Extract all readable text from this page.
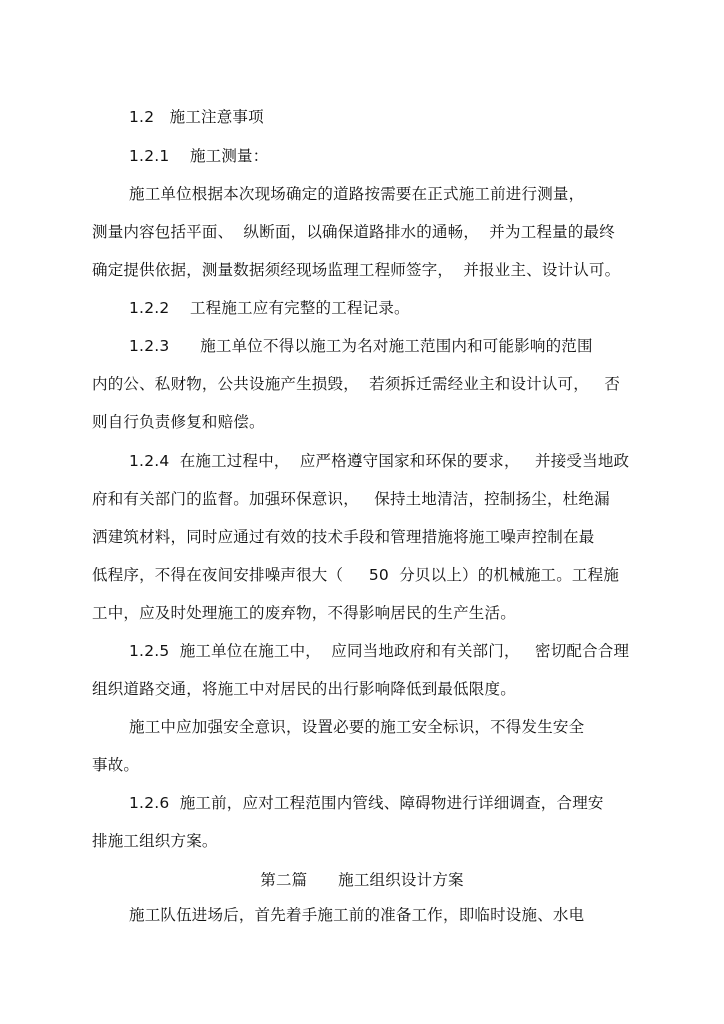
1.2   施工注意事项
1.2.1    施工测量：
施工单位根据本次现场确定的道路按需要在正式施工前进行测量，
测量内容包括平面、  纵断面，以确保道路排水的通畅，  并为工程量的最终
确定提供依据，测量数据须经现场监理工程师签字，  并报业主、设计认可。
1.2.2    工程施工应有完整的工程记录。
1.2.3      施工单位不得以施工为名对施工范围内和可能影响的范围
内的公、私财物，公共设施产生损毁，  若须拆迁需经业主和设计认可，   否
则自行负责修复和赔偿。
1.2.4  在施工过程中，  应严格遵守国家和环保的要求，   并接受当地政
府和有关部门的监督。加强环保意识，   保持土地清洁，控制扬尘，杜绝漏
洒建筑材料，同时应通过有效的技术手段和管理措施将施工噪声控制在最
低程序，不得在夜间安排噪声很大（     50  分贝以上）的机械施工。工程施
工中，应及时处理施工的废弃物，不得影响居民的生产生活。
1.2.5  施工单位在施工中，  应同当地政府和有关部门，   密切配合合理
组织道路交通，将施工中对居民的出行影响降低到最低限度。
施工中应加强安全意识，设置必要的施工安全标识，不得发生安全
事故。
1.2.6  施工前，应对工程范围内管线、障碍物进行详细调查，合理安
排施工组织方案。
第二篇      施工组织设计方案
施工队伍进场后，首先着手施工前的准备工作，即临时设施、水电
